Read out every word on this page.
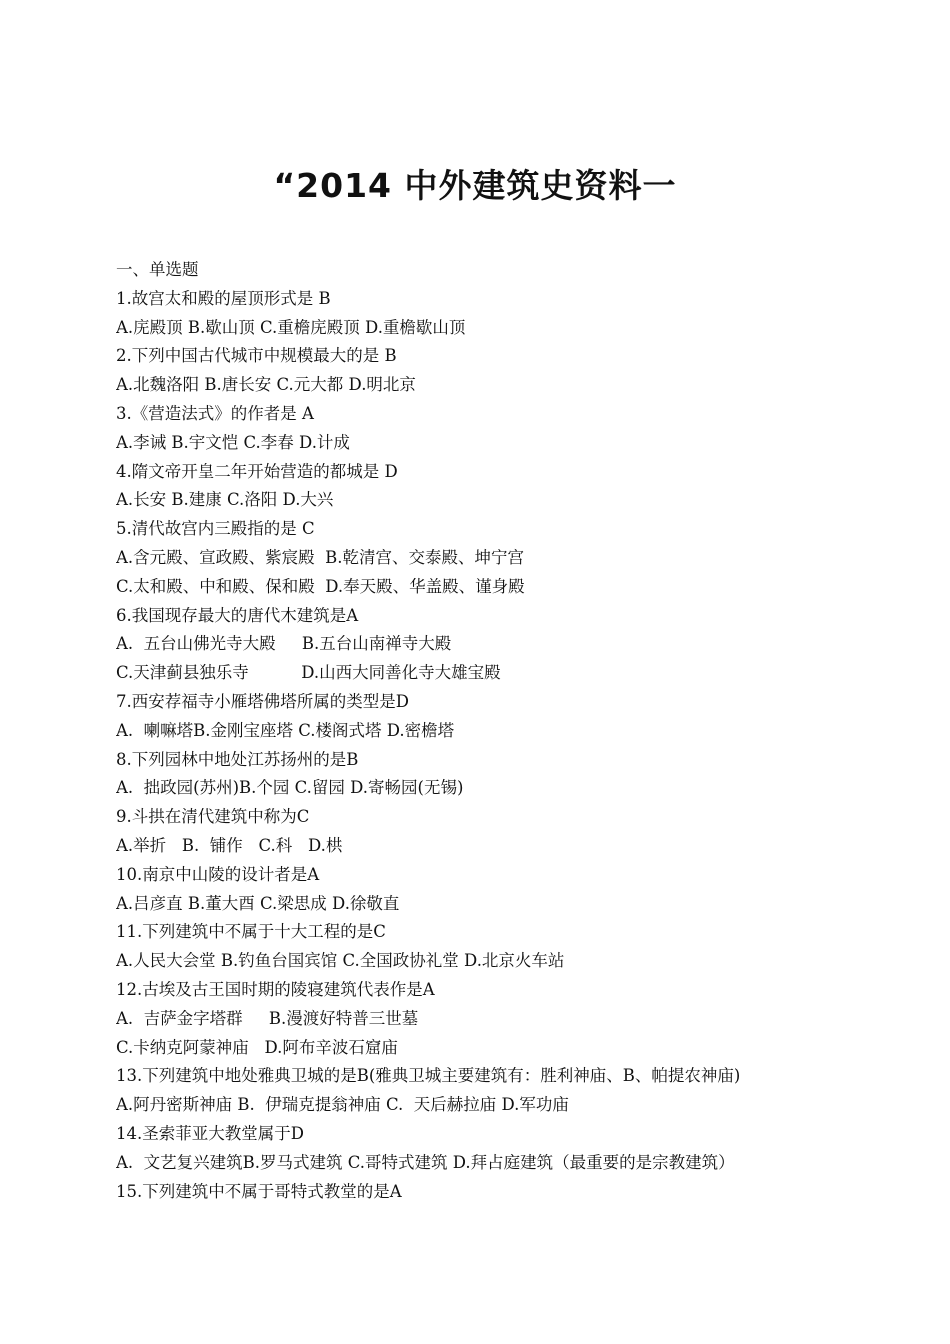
“2014 中外建筑史资料一
一、单选题
1.故宫太和殿的屋顶形式是 B
A.庑殿顶 B.歇山顶 C.重檐庑殿顶 D.重檐歇山顶
2.下列中国古代城市中规模最大的是 B
A.北魏洛阳 B.唐长安 C.元大都 D.明北京
3.《营造法式》的作者是 A
A.李诫 B.宇文恺 C.李春 D.计成
4.隋文帝开皇二年开始营造的都城是 D
A.长安 B.建康 C.洛阳 D.大兴
5.清代故宫内三殿指的是 C
A.含元殿、宣政殿、紫宸殿  B.乾清宫、交泰殿、坤宁宫
C.太和殿、中和殿、保和殿  D.奉天殿、华盖殿、谨身殿
6.我国现存最大的唐代木建筑是A
A.  五台山佛光寺大殿     B.五台山南禅寺大殿
C.天津蓟县独乐寺          D.山西大同善化寺大雄宝殿
7.西安荐福寺小雁塔佛塔所属的类型是D
A.  喇嘛塔B.金刚宝座塔 C.楼阁式塔 D.密檐塔
8.下列园林中地处江苏扬州的是B
A.  拙政园(苏州)B.个园 C.留园 D.寄畅园(无锡)
9.斗拱在清代建筑中称为C
A.举折   B.  铺作   C.科   D.栱
10.南京中山陵的设计者是A
A.吕彦直 B.董大酉 C.梁思成 D.徐敬直
11.下列建筑中不属于十大工程的是C
A.人民大会堂 B.钓鱼台国宾馆 C.全国政协礼堂 D.北京火车站
12.古埃及古王国时期的陵寝建筑代表作是A
A.  吉萨金字塔群     B.漫渡好特普三世墓
C.卡纳克阿蒙神庙   D.阿布辛波石窟庙
13.下列建筑中地处雅典卫城的是B(雅典卫城主要建筑有：胜利神庙、B、帕提农神庙)
A.阿丹密斯神庙 B.  伊瑞克提翁神庙 C.  天后赫拉庙 D.军功庙
14.圣索菲亚大教堂属于D
A.  文艺复兴建筑B.罗马式建筑 C.哥特式建筑 D.拜占庭建筑（最重要的是宗教建筑）
15.下列建筑中不属于哥特式教堂的是A
